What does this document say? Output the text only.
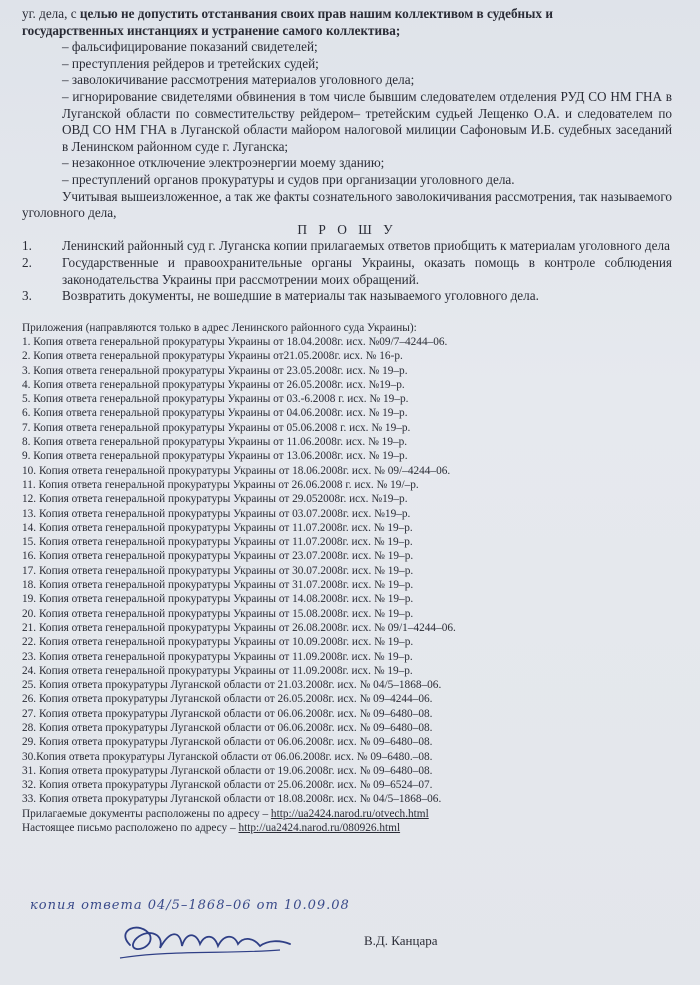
уг. дела, с целью не допустить отстанвания своих прав нашим коллективом в судебных и
государственных инстанциях и устранение самого коллектива;

– фальсифицирование показаний свидетелей;

– преступления рейдеров и третейских судей;

– заволокичивание рассмотрения материалов уголовного дела;

– игнорирование свидетелями обвинения в том числе бывшим следователем отделения РУД СО НМ ГНА в Луганской области по совместительству рейдером– третейским судьей Лещенко О.А. и следователем по ОВД СО НМ ГНА в Луганской области майором налоговой милиции Сафоновым И.Б. судебных заседаний в Ленинском районном суде г. Луганска;

– незаконное отключение электроэнергии моему зданию;

– преступлений органов прокуратуры и судов при организации уголовного дела.

Учитывая вышеизложенное, а так же факты сознательного заволокичивания рассмотрения, так называемого уголовного дела,

П Р О Ш У

1.	Ленинский районный суд г. Луганска копии прилагаемых ответов приобщить к материалам уголовного дела
2.	Государственные и правоохранительные органы Украины, оказать помощь в контроле соблюдения законодательства Украины при рассмотрении моих обращений.
3.	Возвратить документы, не вошедшие в материалы так называемого уголовного дела.
Приложения (направляются только в адрес Ленинского районного суда Украины):
1. Копия ответа генеральной прокуратуры Украины от 18.04.2008г. исх. №09/7–4244–06.
2. Копия ответа генеральной прокуратуры Украины от21.05.2008г. исх. № 16-р.
3. Копия ответа генеральной прокуратуры Украины от 23.05.2008г. исх. № 19–р.
4. Копия ответа генеральной прокуратуры Украины от 26.05.2008г. исх. №19–р.
5. Копия ответа генеральной прокуратуры Украины от 03.-6.2008 г. исх. № 19–р.
6. Копия ответа генеральной прокуратуры Украины от 04.06.2008г. исх. № 19–р.
7. Копия ответа генеральной прокуратуры Украины от 05.06.2008 г. исх. № 19–р.
8. Копия ответа генеральной прокуратуры Украины от 11.06.2008г. исх. № 19–р.
9. Копия ответа генеральной прокуратуры Украины от 13.06.2008г. исх. № 19–р.
10. Копия ответа генеральной прокуратуры Украины от 18.06.2008г. исх. № 09/–4244–06.
11. Копия ответа генеральной прокуратуры Украины от 26.06.2008 г. исх. № 19/–р.
12. Копия ответа генеральной прокуратуры Украины от 29.052008г. исх. №19–р.
13. Копия ответа генеральной прокуратуры Украины от 03.07.2008г. исх. №19–р.
14. Копия ответа генеральной прокуратуры Украины от 11.07.2008г. исх. № 19–р.
15. Копия ответа генеральной прокуратуры Украины от 11.07.2008г. исх. № 19–р.
16. Копия ответа генеральной прокуратуры Украины от 23.07.2008г. исх. № 19–р.
17. Копия ответа генеральной прокуратуры Украины от 30.07.2008г. исх. № 19–р.
18. Копия ответа генеральной прокуратуры Украины от 31.07.2008г. исх. № 19–р.
19. Копия ответа генеральной прокуратуры Украины от 14.08.2008г. исх. № 19–р.
20. Копия ответа генеральной прокуратуры Украины от 15.08.2008г. исх. № 19–р.
21. Копия ответа генеральной прокуратуры Украины от 26.08.2008г. исх. № 09/1–4244–06.
22. Копия ответа генеральной прокуратуры Украины от 10.09.2008г. исх. № 19–р.
23. Копия ответа генеральной прокуратуры Украины от 11.09.2008г. исх. № 19–р.
24. Копия ответа генеральной прокуратуры Украины от 11.09.2008г. исх. № 19–р.
25. Копия ответа прокуратуры Луганской области от 21.03.2008г. исх. № 04/5–1868–06.
26. Копия ответа прокуратуры Луганской области от 26.05.2008г. исх. № 09–4244–06.
27. Копия ответа прокуратуры Луганской области от 06.06.2008г. исх. № 09–6480–08.
28. Копия ответа прокуратуры Луганской области от 06.06.2008г. исх. № 09–6480–08.
29. Копия ответа прокуратуры Луганской области от 06.06.2008г. исх. № 09–6480–08.
30.Копия ответа прокуратуры Луганской области от 06.06.2008г. исх. № 09–6480.–08.
31. Копия ответа прокуратуры Луганской области от 19.06.2008г. исх. № 09–6480–08.
32. Копия ответа прокуратуры Луганской области от 25.06.2008г. исх. № 09–6524–07.
33. Копия ответа прокуратуры Луганской области от 18.08.2008г. исх. № 04/5–1868–06.
Прилагаемые документы расположены по адресу – http://ua2424.narod.ru/otvech.html
Настоящее письмо расположено по адресу – http://ua2424.narod.ru/080926.html
копия ответа 04/5–1868–06 от 10.09.08
В.Д. Канцара
